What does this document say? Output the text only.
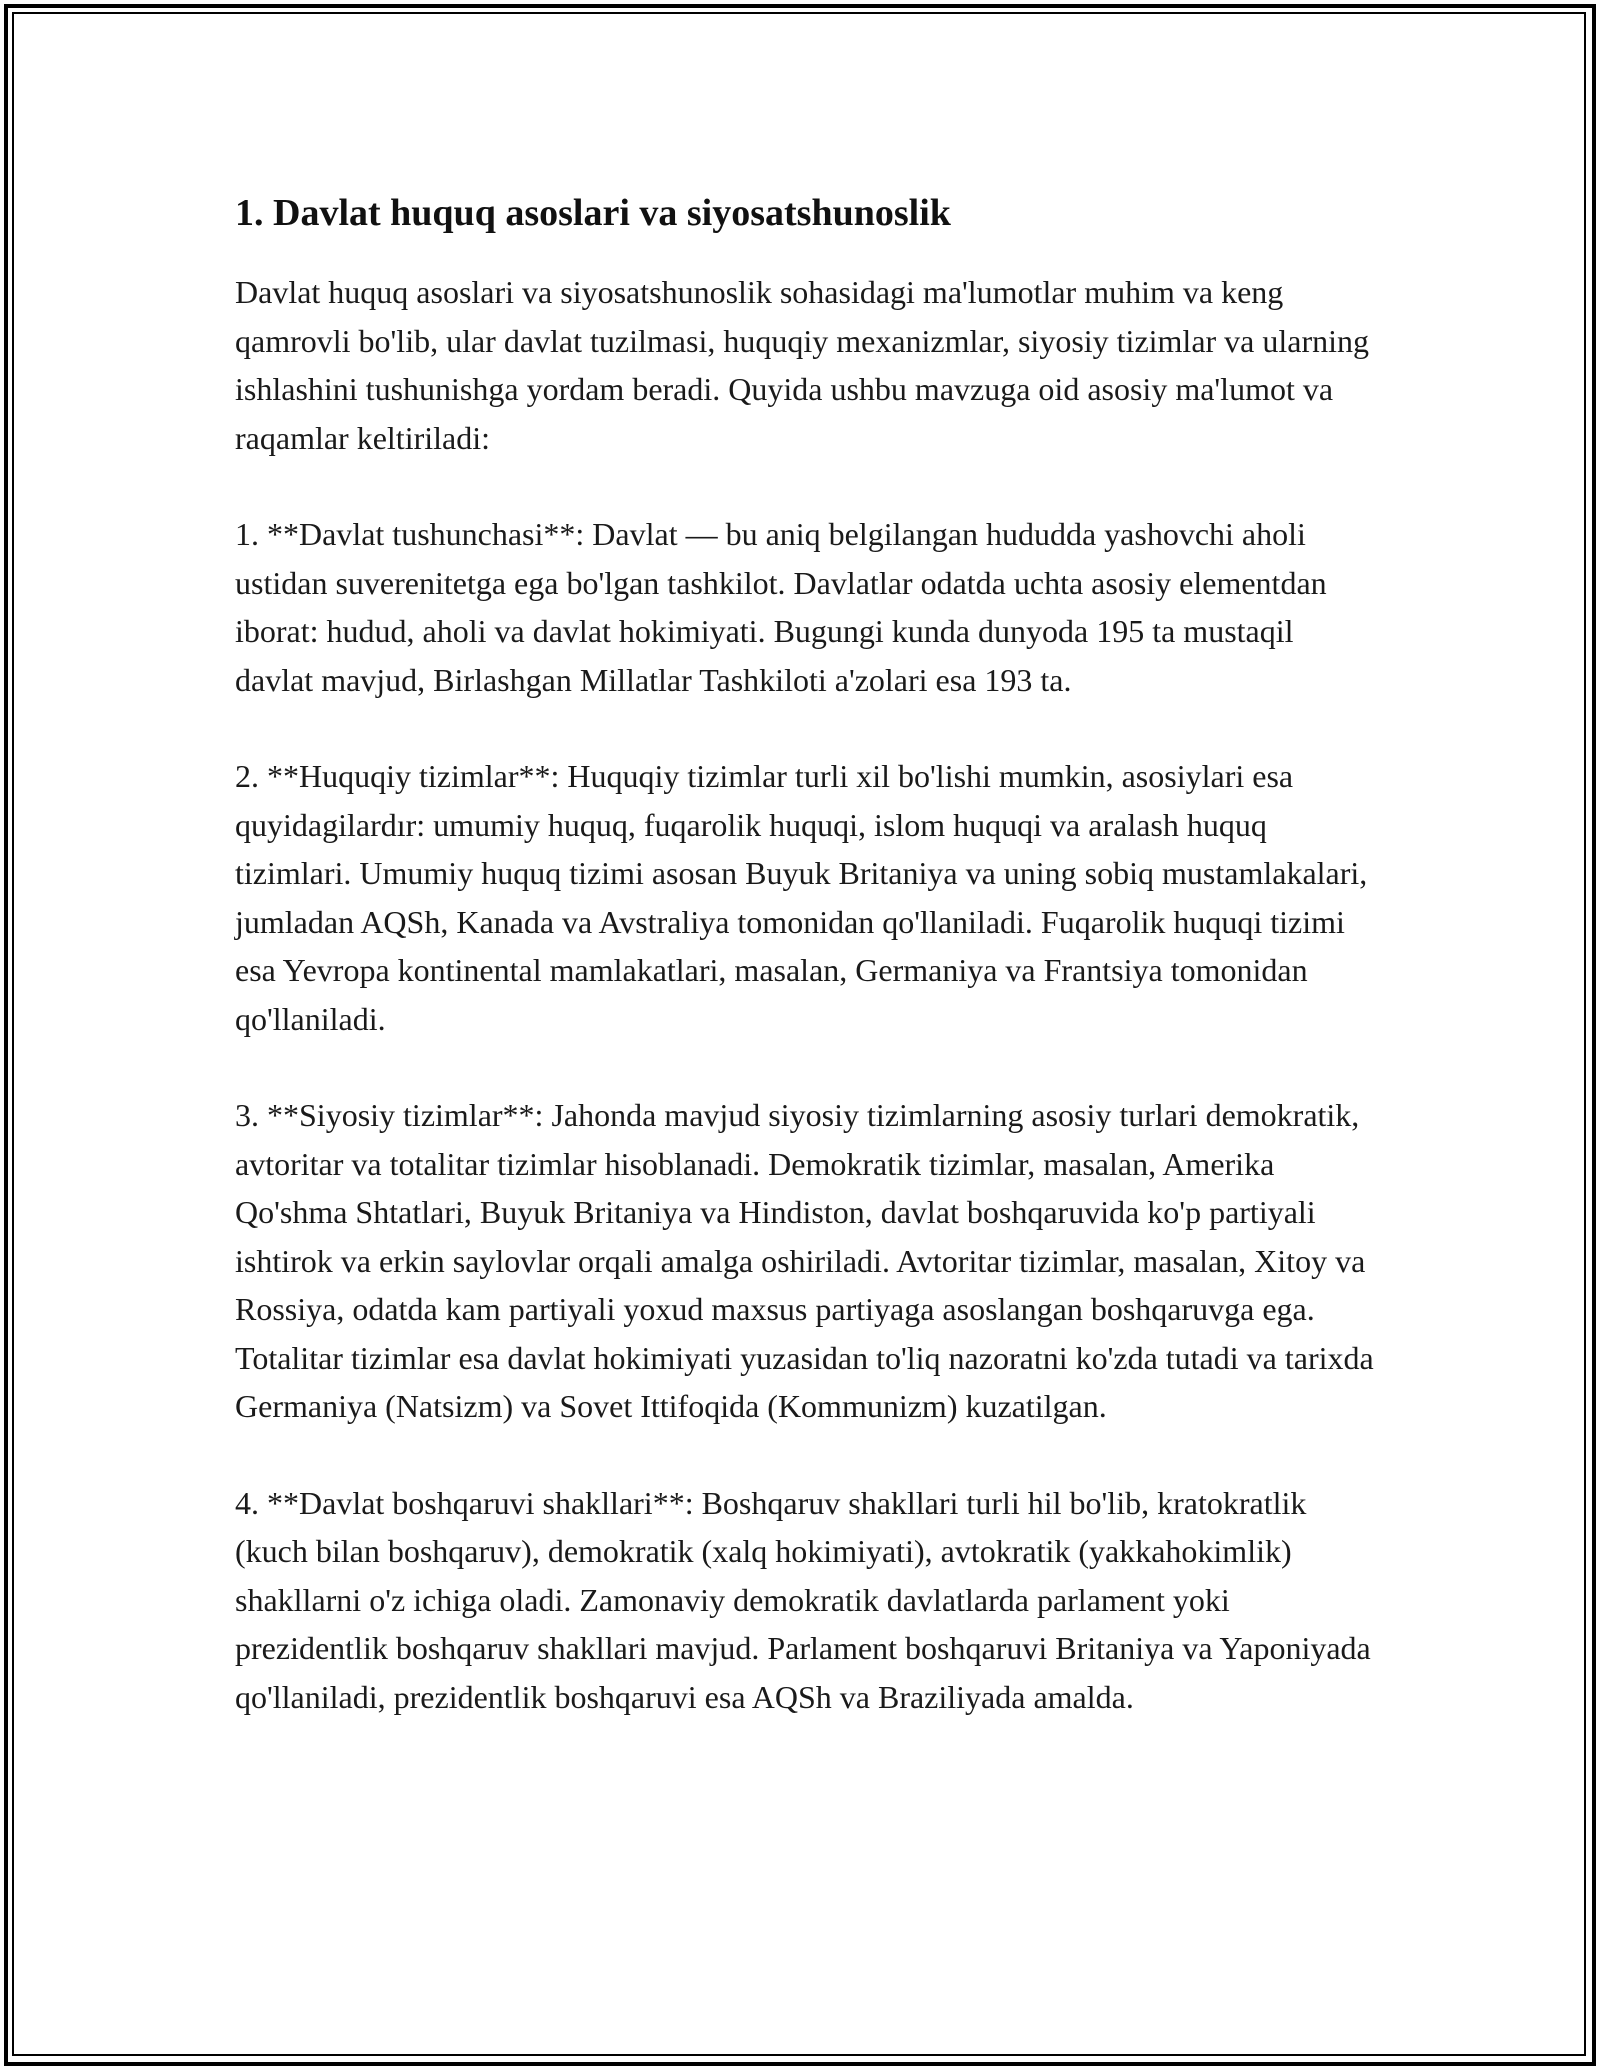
1. Davlat huquq asoslari va siyosatshunoslik

Davlat huquq asoslari va siyosatshunoslik sohasidagi ma'lumotlar muhim va keng qamrovli bo'lib, ular davlat tuzilmasi, huquqiy mexanizmlar, siyosiy tizimlar va ularning ishlashini tushunishga yordam beradi. Quyida ushbu mavzuga oid asosiy ma'lumot va raqamlar keltiriladi:

1. **Davlat tushunchasi**: Davlat — bu aniq belgilangan hududda yashovchi aholi ustidan suverenitetga ega bo'lgan tashkilot. Davlatlar odatda uchta asosiy elementdan iborat: hudud, aholi va davlat hokimiyati. Bugungi kunda dunyoda 195 ta mustaqil davlat mavjud, Birlashgan Millatlar Tashkiloti a'zolari esa 193 ta.

2. **Huquqiy tizimlar**: Huquqiy tizimlar turli xil bo'lishi mumkin, asosiylari esa quyidagilardır: umumiy huquq, fuqarolik huquqi, islom huquqi va aralash huquq tizimlari. Umumiy huquq tizimi asosan Buyuk Britaniya va uning sobiq mustamlakalari, jumladan AQSh, Kanada va Avstraliya tomonidan qo'llaniladi. Fuqarolik huquqi tizimi esa Yevropa kontinental mamlakatlari, masalan, Germaniya va Frantsiya tomonidan qo'llaniladi.

3. **Siyosiy tizimlar**: Jahonda mavjud siyosiy tizimlarning asosiy turlari demokratik, avtoritar va totalitar tizimlar hisoblanadi. Demokratik tizimlar, masalan, Amerika Qo'shma Shtatlari, Buyuk Britaniya va Hindiston, davlat boshqaruvida ko'p partiyali ishtirok va erkin saylovlar orqali amalga oshiriladi. Avtoritar tizimlar, masalan, Xitoy va Rossiya, odatda kam partiyali yoxud maxsus partiyaga asoslangan boshqaruvga ega. Totalitar tizimlar esa davlat hokimiyati yuzasidan to'liq nazoratni ko'zda tutadi va tarixda Germaniya (Natsizm) va Sovet Ittifoqida (Kommunizm) kuzatilgan.

4. **Davlat boshqaruvi shakllari**: Boshqaruv shakllari turli hil bo'lib, kratokratlik (kuch bilan boshqaruv), demokratik (xalq hokimiyati), avtokratik (yakkahokimlik) shakllarni o'z ichiga oladi. Zamonaviy demokratik davlatlarda parlament yoki prezidentlik boshqaruv shakllari mavjud. Parlament boshqaruvi Britaniya va Yaponiyada qo'llaniladi, prezidentlik boshqaruvi esa AQSh va Braziliyada amalda.
